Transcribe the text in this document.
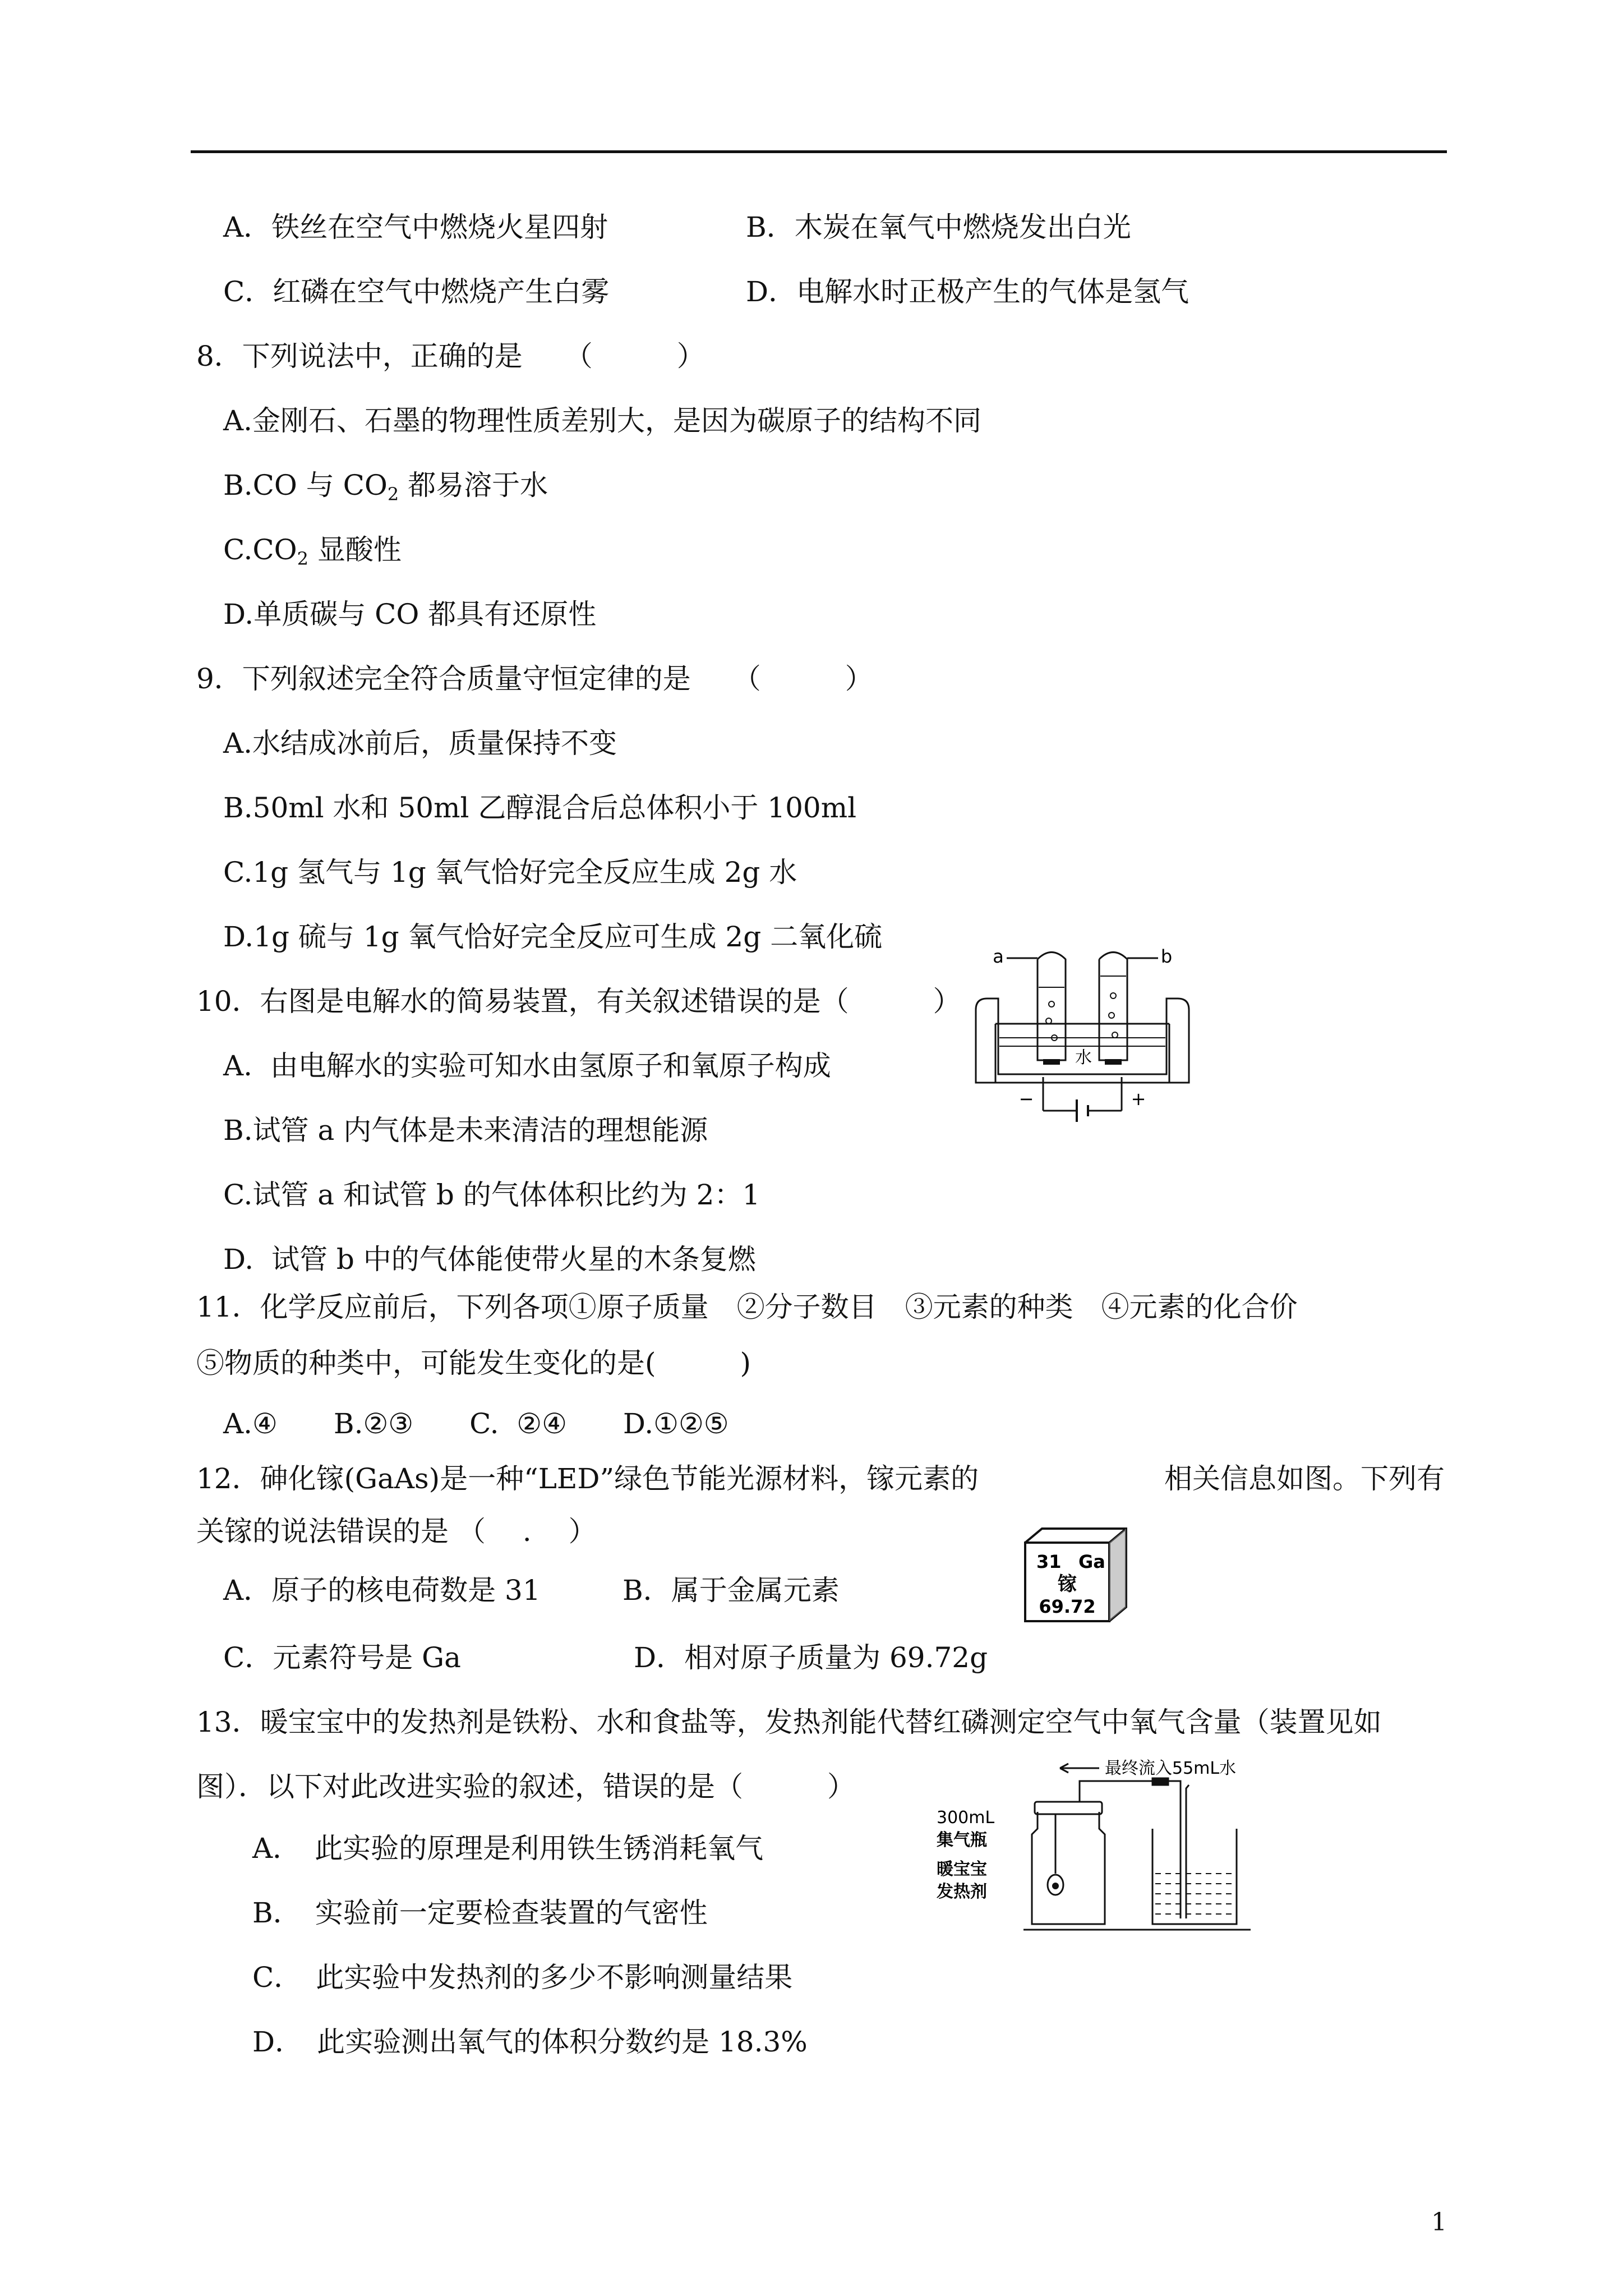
A．铁丝在空气中燃烧火星四射	B．木炭在氧气中燃烧发出白光
C．红磷在空气中燃烧产生白雾	D．电解水时正极产生的气体是氢气
8．下列说法中，正确的是　　（　　　）
A.金刚石、石墨的物理性质差别大，是因为碳原子的结构不同
B.CO 与 $CO_2$ 都易溶于水
$C.CO_2$ 显酸性
D.单质碳与 CO 都具有还原性
9．下列叙述完全符合质量守恒定律的是　　（　　　）
A.水结成冰前后，质量保持不变
B.50ml 水和 50ml 乙醇混合后总体积小于 100ml
C.1g 氢气与 1g 氧气恰好完全反应生成 2g 水
D.1g 硫与 1g 氧气恰好完全反应可生成 2g 二氧化硫
10．右图是电解水的简易装置，有关叙述错误的是（　　　）
A.  由电解水的实验可知水由氢原子和氧原子构成
B.试管 a 内气体是未来清洁的理想能源
C.试管 a 和试管 b 的气体体积比约为 2：1
D.  试管 b 中的气体能使带火星的木条复燃
a	b
水
−	+
11．化学反应前后，下列各项①原子质量　②分子数目　③元素的种类　④元素的化合价
⑤物质的种类中，可能发生变化的是(　　　)
A.④　　B.②③　　C.  ②④　　D.①②⑤
12．砷化镓(GaAs)是一种“LED”绿色节能光源材料，镓元素的	相关信息如图。下列有
关镓的说法错误的是 （　 .　 ）
A．原子的核电荷数是 31	B．属于金属元素
C．元素符号是 Ga	D．相对原子质量为 69.72g
31 Ga
镓
69.72
13．暖宝宝中的发热剂是铁粉、水和食盐等，发热剂能代替红磷测定空气中氧气含量（装置见如
图）．以下对此改进实验的叙述，错误的是（　　　）
A．　此实验的原理是利用铁生锈消耗氧气
B．　实验前一定要检查装置的气密性
C．　此实验中发热剂的多少不影响测量结果
D．　此实验测出氧气的体积分数约是 18.3%
最终流入55mL水
300mL
集气瓶
暖宝宝
发热剂
1
